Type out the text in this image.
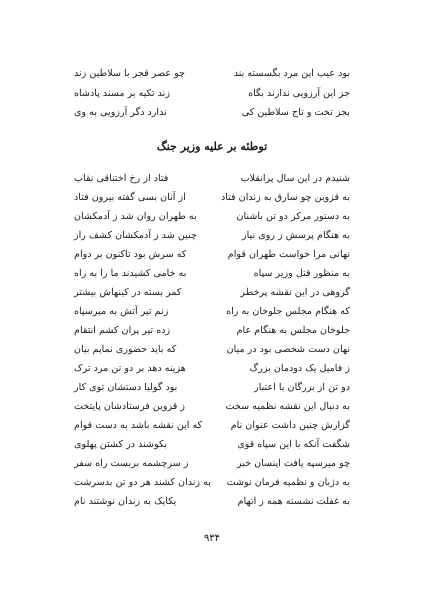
بود عیب این مرد بگسسته بند
چو عصر قجر با سلاطین زند
جز این آرزویی ندارند بگاه
زند تکیه بر مسند پادشاه
بجز تخت و تاج سلاطین کی
ندارد دگر آرزویی به وی
توطئه بر علیه وزیر جنگ
شنیدم در این سال پرانقلاب
فتاد از رخ اختناقی نقاب
به قزوین چو سارق به زندان فتاد
از آنان بسی گفته بیرون فتاد
به دستور مرکز دو تن باشنان
به طهران روان شد ز آدمکشان
به هنگام پرسش ز روی نیاز
چنین شد ز آدمکشان کشف راز
نهانی مرا خواست طهران قوام
که سرش بود تاکنون بر دوام
به منظور قتل وزیر سپاه
به خامی کشیدند ما را به راه
گروهی در این نقشه پرخطر
کمر بسته در کینهاش بیشتر
که هنگام مجلس جلوخان به راه
زنم تیر آتش به میرسپاه
جلوخان مجلس به هنگام عام
زده تیر پران کشم انتقام
نهان دست شخصی بود در میان
که باید حضوری نمایم بیان
ز فامیل یک دودمان بزرگ
هزینه دهد بر دو تن مرد ترک
دو تن از بزرگان با اعتبار
بود گولیا دستشان توی کار
به دنبال این نقشه نظمیه سخت
ز قزوین فرستادشان پایتخت
گزارش چنین داشت عنوان نام
که این نقشه باشد به دست قوام
شگفت آنکه با این سپاه قوی
بکوشند در کشتن پهلوی
چو میرسپه یافت اینسان خبر
ز سرچشمه بربست راه سفر
به دژبان و نظمیه فرمان نوشت
به زندان کشند هر دو تن بدسرشت
به غفلت نشسته همه ز اتهام
یکایک به زندان نوشتند نام
۹۳۴
